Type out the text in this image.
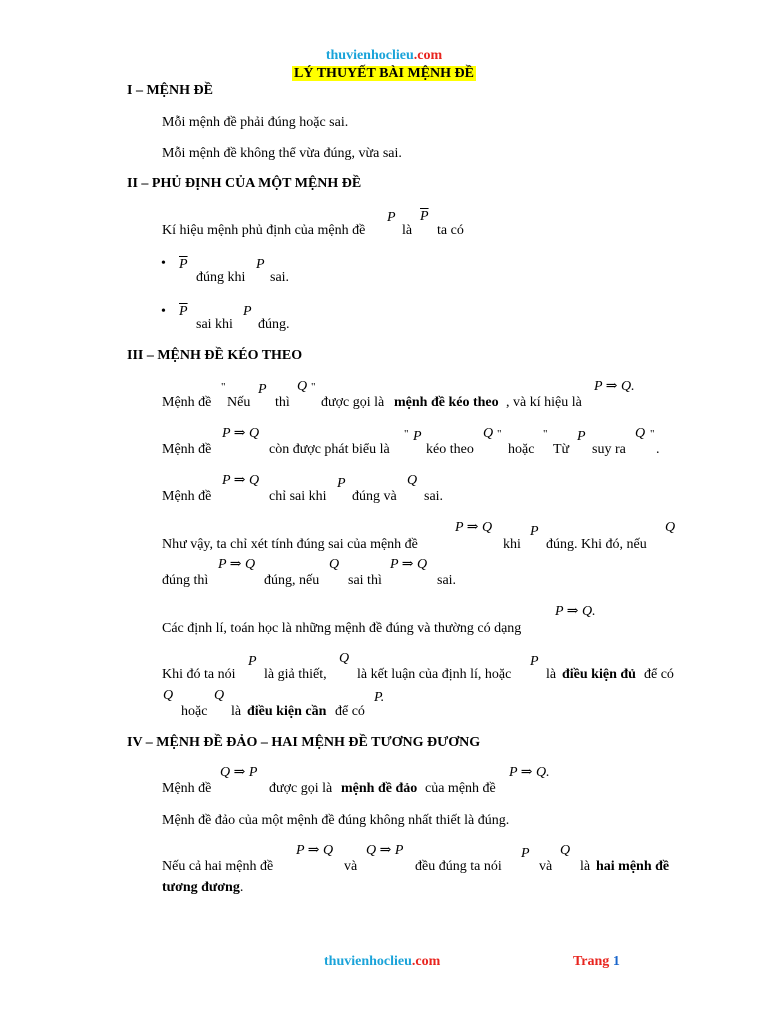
thuvienhoclieu.com
LÝ THUYẾT BÀI MỆNH ĐỀ
I – MỆNH ĐỀ
Mỗi mệnh đề phải đúng hoặc sai.
Mỗi mệnh đề không thể vừa đúng, vừa sai.
II – PHỦ ĐỊNH CỦA MỘT MỆNH ĐỀ
Kí hiệu mệnh phủ định của mệnh đề
P
là
$\overline{P}$
ta có
• $\overline{P}$
đúng khi
P
sai.
• $\overline{P}$
sai khi
P
đúng.
III – MỆNH ĐỀ KÉO THEO
Mệnh đề
"
Nếu
P
thì
Q "
được gọi là mệnh đề kéo theo , và kí hiệu là
P ⇒ Q.
Mệnh đề
P ⇒ Q
còn được phát biểu là
" P
kéo theo
Q "
hoặc
"
Từ
P
suy ra
Q "
.
Mệnh đề
P ⇒ Q
chỉ sai khi
P
đúng và
Q
sai.
Như vậy, ta chỉ xét tính đúng sai của mệnh đề
P ⇒ Q
khi
P
đúng. Khi đó, nếu
Q
đúng thì
P ⇒ Q
đúng, nếu
Q
sai thì
P ⇒ Q
sai.
Các định lí, toán học là những mệnh đề đúng và thường có dạng
P ⇒ Q.
Khi đó ta nói
P
là giả thiết,
Q
là kết luận của định lí, hoặc
P
là điều kiện đủ để có
Q
hoặc
Q
là điều kiện cần để có
P.
IV – MỆNH ĐỀ ĐẢO – HAI MỆNH ĐỀ TƯƠNG ĐƯƠNG
Mệnh đề
Q ⇒ P
được gọi là mệnh đề đảo của mệnh đề
P ⇒ Q.
Mệnh đề đảo của một mệnh đề đúng không nhất thiết là đúng.
Nếu cả hai mệnh đề
P ⇒ Q
và
Q ⇒ P
đều đúng ta nói
P
và
Q
là hai mệnh đề
tương đương.
thuvienhoclieu.com	Trang 1
